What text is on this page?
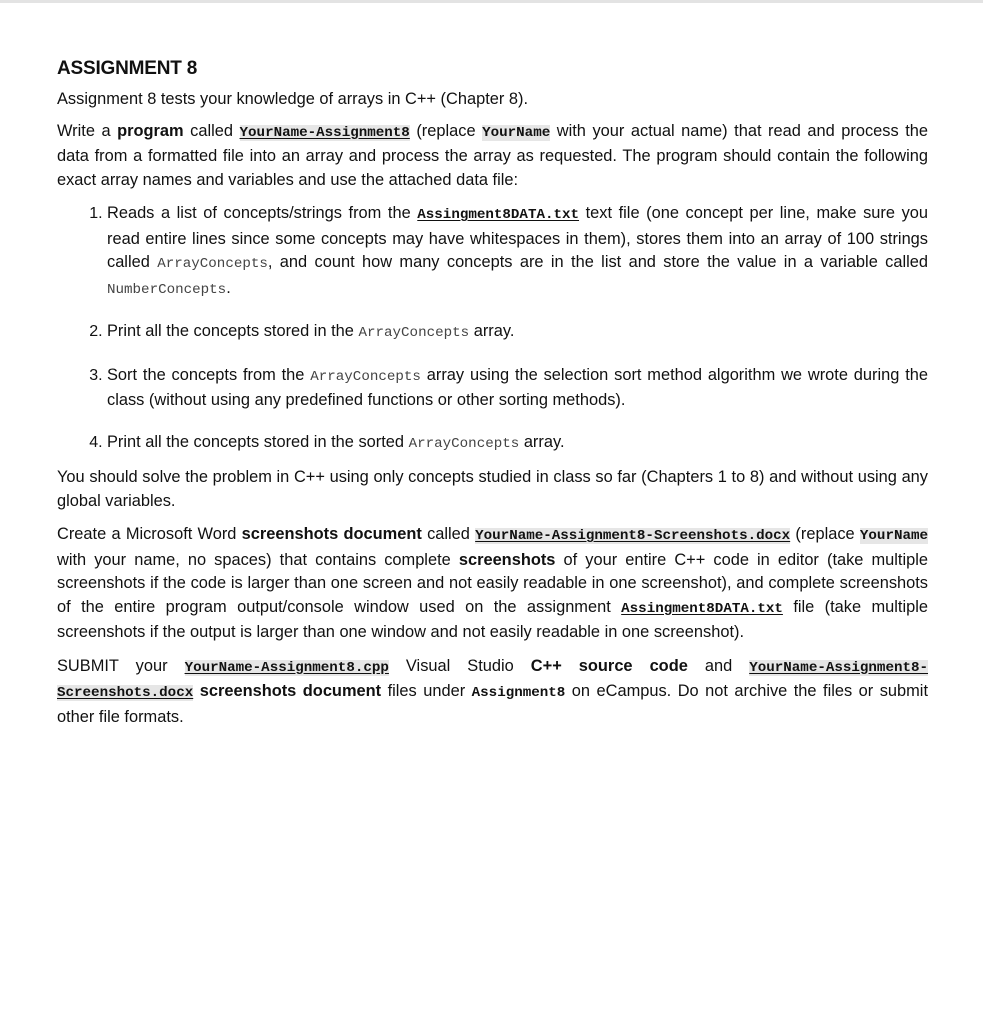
ASSIGNMENT 8

Assignment 8 tests your knowledge of arrays in C++ (Chapter 8).

Write a program called YourName-Assignment8 (replace YourName with your actual name) that read and process the data from a formatted file into an array and process the array as requested. The program should contain the following exact array names and variables and use the attached data file:

1. Reads a list of concepts/strings from the Assingment8DATA.txt text file (one concept per line, make sure you read entire lines since some concepts may have whitespaces in them), stores them into an array of 100 strings called ArrayConcepts, and count how many concepts are in the list and store the value in a variable called NumberConcepts.
2. Print all the concepts stored in the ArrayConcepts array.
3. Sort the concepts from the ArrayConcepts array using the selection sort method algorithm we wrote during the class (without using any predefined functions or other sorting methods).
4. Print all the concepts stored in the sorted ArrayConcepts array.

You should solve the problem in C++ using only concepts studied in class so far (Chapters 1 to 8) and without using any global variables.

Create a Microsoft Word screenshots document called YourName-Assignment8-Screenshots.docx (replace YourName with your name, no spaces) that contains complete screenshots of your entire C++ code in editor (take multiple screenshots if the code is larger than one screen and not easily readable in one screenshot), and complete screenshots of the entire program output/console window used on the assignment Assingment8DATA.txt file (take multiple screenshots if the output is larger than one window and not easily readable in one screenshot).

SUBMIT your YourName-Assignment8.cpp Visual Studio C++ source code and YourName-Assignment8-Screenshots.docx screenshots document files under Assignment8 on eCampus. Do not archive the files or submit other file formats.
